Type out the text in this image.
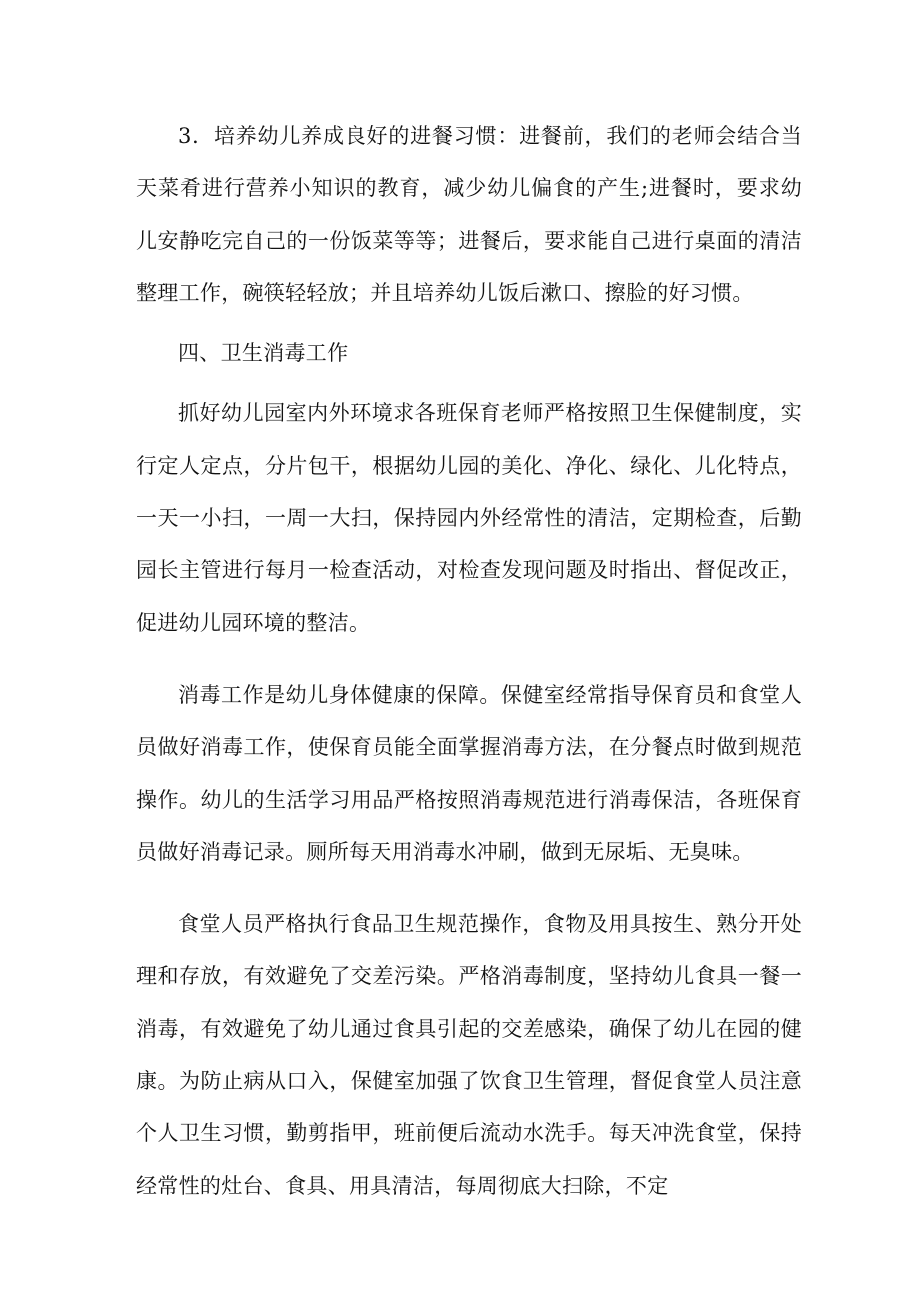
3．培养幼儿养成良好的进餐习惯：进餐前，我们的老师会结合当天菜肴进行营养小知识的教育，减少幼儿偏食的产生;进餐时，要求幼儿安静吃完自己的一份饭菜等等；进餐后，要求能自己进行桌面的清洁整理工作，碗筷轻轻放；并且培养幼儿饭后漱口、擦脸的好习惯。

四、卫生消毒工作

抓好幼儿园室内外环境求各班保育老师严格按照卫生保健制度，实行定人定点，分片包干，根据幼儿园的美化、净化、绿化、儿化特点，一天一小扫，一周一大扫，保持园内外经常性的清洁，定期检查，后勤园长主管进行每月一检查活动，对检查发现问题及时指出、督促改正，促进幼儿园环境的整洁。

消毒工作是幼儿身体健康的保障。保健室经常指导保育员和食堂人员做好消毒工作，使保育员能全面掌握消毒方法，在分餐点时做到规范操作。幼儿的生活学习用品严格按照消毒规范进行消毒保洁，各班保育员做好消毒记录。厕所每天用消毒水冲刷，做到无尿垢、无臭味。

食堂人员严格执行食品卫生规范操作，食物及用具按生、熟分开处理和存放，有效避免了交差污染。严格消毒制度，坚持幼儿食具一餐一消毒，有效避免了幼儿通过食具引起的交差感染，确保了幼儿在园的健康。为防止病从口入，保健室加强了饮食卫生管理，督促食堂人员注意个人卫生习惯，勤剪指甲，班前便后流动水洗手。每天冲洗食堂，保持经常性的灶台、食具、用具清洁，每周彻底大扫除，不定
